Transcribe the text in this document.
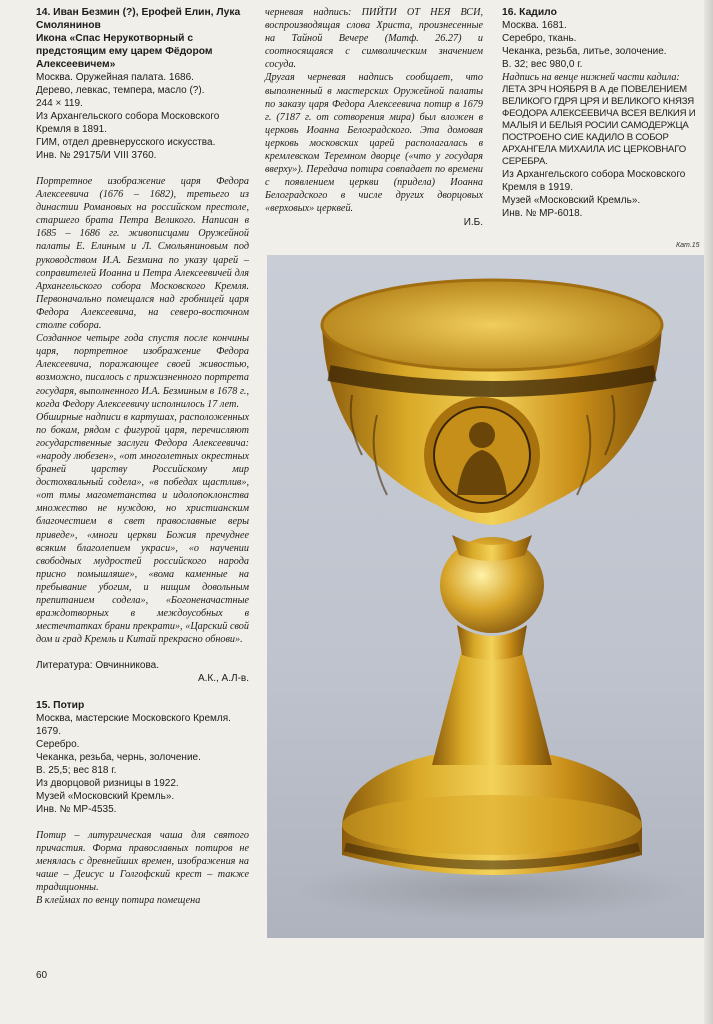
14. Иван Безмин (?), Ерофей Елин, Лука Смолянинов

Икона «Спас Нерукотворный с предстоящим ему царем Фёдором Алексеевичем»

Москва. Оружейная палата. 1686.

Дерево, левкас, темпера, масло (?).

244 × 119.

Из Архангельского собора Московского Кремля в 1891.

ГИМ, отдел древнерусского искусства.

Инв. № 29175/И VIII 3760.

Портретное изображение царя Федора Алексеевича (1676 – 1682), третьего из династии Романовых на российском престоле, старшего брата Петра Великого. Написан в 1685 – 1686 гг. живописцами Оружейной палаты Е. Елиным и Л. Смольяниновым под руководством И.А. Безмина по указу царей – соправителей Иоанна и Петра Алексеевичей для Архангельского собора Московского Кремля. Первоначально помещался над гробницей царя Федора Алексеевича, на северо-восточном столпе собора.

Созданное четыре года спустя после кончины царя, портретное изображение Федора Алексеевича, поражающее своей живостью, возможно, писалось с прижизненного портрета государя, выполненного И.А. Безминым в 1678 г., когда Федору Алексеевичу исполнилось 17 лет.

Обширные надписи в картушах, расположенных по бокам, рядом с фигурой царя, перечисляют государственные заслуги Федора Алексеевича: «народу любезен», «от многолетных окрестных браней царству Российскому мир достохвальный содела», «в победах щастлив», «от тмы магометанства и идолопоклонства множество не нуждою, но христианским благочестием в свет православные веры приведе», «многи церкви Божия пречуднее всяким благолепием украси», «о научении свободных мудростей российского народа присно помышляше», «вома каменные на пребывание убогим, и нищим довольным препитанием содела», «Богоненачастные враждотворных в междоусобных в местечтатках брани прекрати», «Царский свой дом и град Кремль и Китай прекрасно обнови».

Литература: Овчинникова.

А.К., А.Л-в.

15. Потир

Москва, мастерские Московского Кремля. 1679.

Серебро.

Чеканка, резьба, чернь, золочение.

В. 25,5; вес 818 г.

Из дворцовой ризницы в 1922.

Музей «Московский Кремль».

Инв. № МР-4535.

Потир – литургическая чаша для святого причастия. Форма православных потиров не менялась с древнейших времен, изображения на чаше – Деисус и Голгофский крест – также традиционны.

В клеймах по венцу потира помещена

черневая надпись: ПИЙТИ ОТ НЕЯ ВСИ, воспроизводящая слова Христа, произнесенные на Тайной Вечере (Матф. 26.27) и соотносящаяся с символическим значением сосуда.

Другая черневая надпись сообщает, что выполненный в мастерских Оружейной палаты по заказу царя Федора Алексеевича потир в 1679 г. (7187 г. от сотворения мира) был вложен в церковь Иоанна Белоградского. Эта домовая церковь московских царей располагалась в кремлевском Теремном дворце («что у государя вверху»). Передача потира совпадает по времени с появлением церкви (придела) Иоанна Белоградского в числе других дворцовых «верховых» церквей.

И.Б.

16. Кадило

Москва. 1681.

Серебро, ткань.

Чеканка, резьба, литье, золочение.

В. 32; вес 980,0 г.

Надпись на венце нижней части кадила:

ЛЕТА ЗРЧ НОЯБРЯ В А де ПОВЕЛЕНИЕМ ВЕЛИКОГО ГДРЯ ЦРЯ И ВЕЛИКОГО КНЯЗЯ ФЕОДОРА АЛЕКСЕЕВИЧА ВСЕЯ ВЕЛКИЯ И МАЛЫЯ И БЕЛЫЯ РОСИИ САМОДЕРЖЦА ПОСТРОЕНО СИЕ КАДИЛО В СОБОР АРХАНГЕЛА МИХАИЛА ИС ЦЕРКОВНАГО СЕРЕБРА.

Из Архангельского собора Московского Кремля в 1919.

Музей «Московский Кремль».

Инв. № МР-6018.

Кат.15
60
